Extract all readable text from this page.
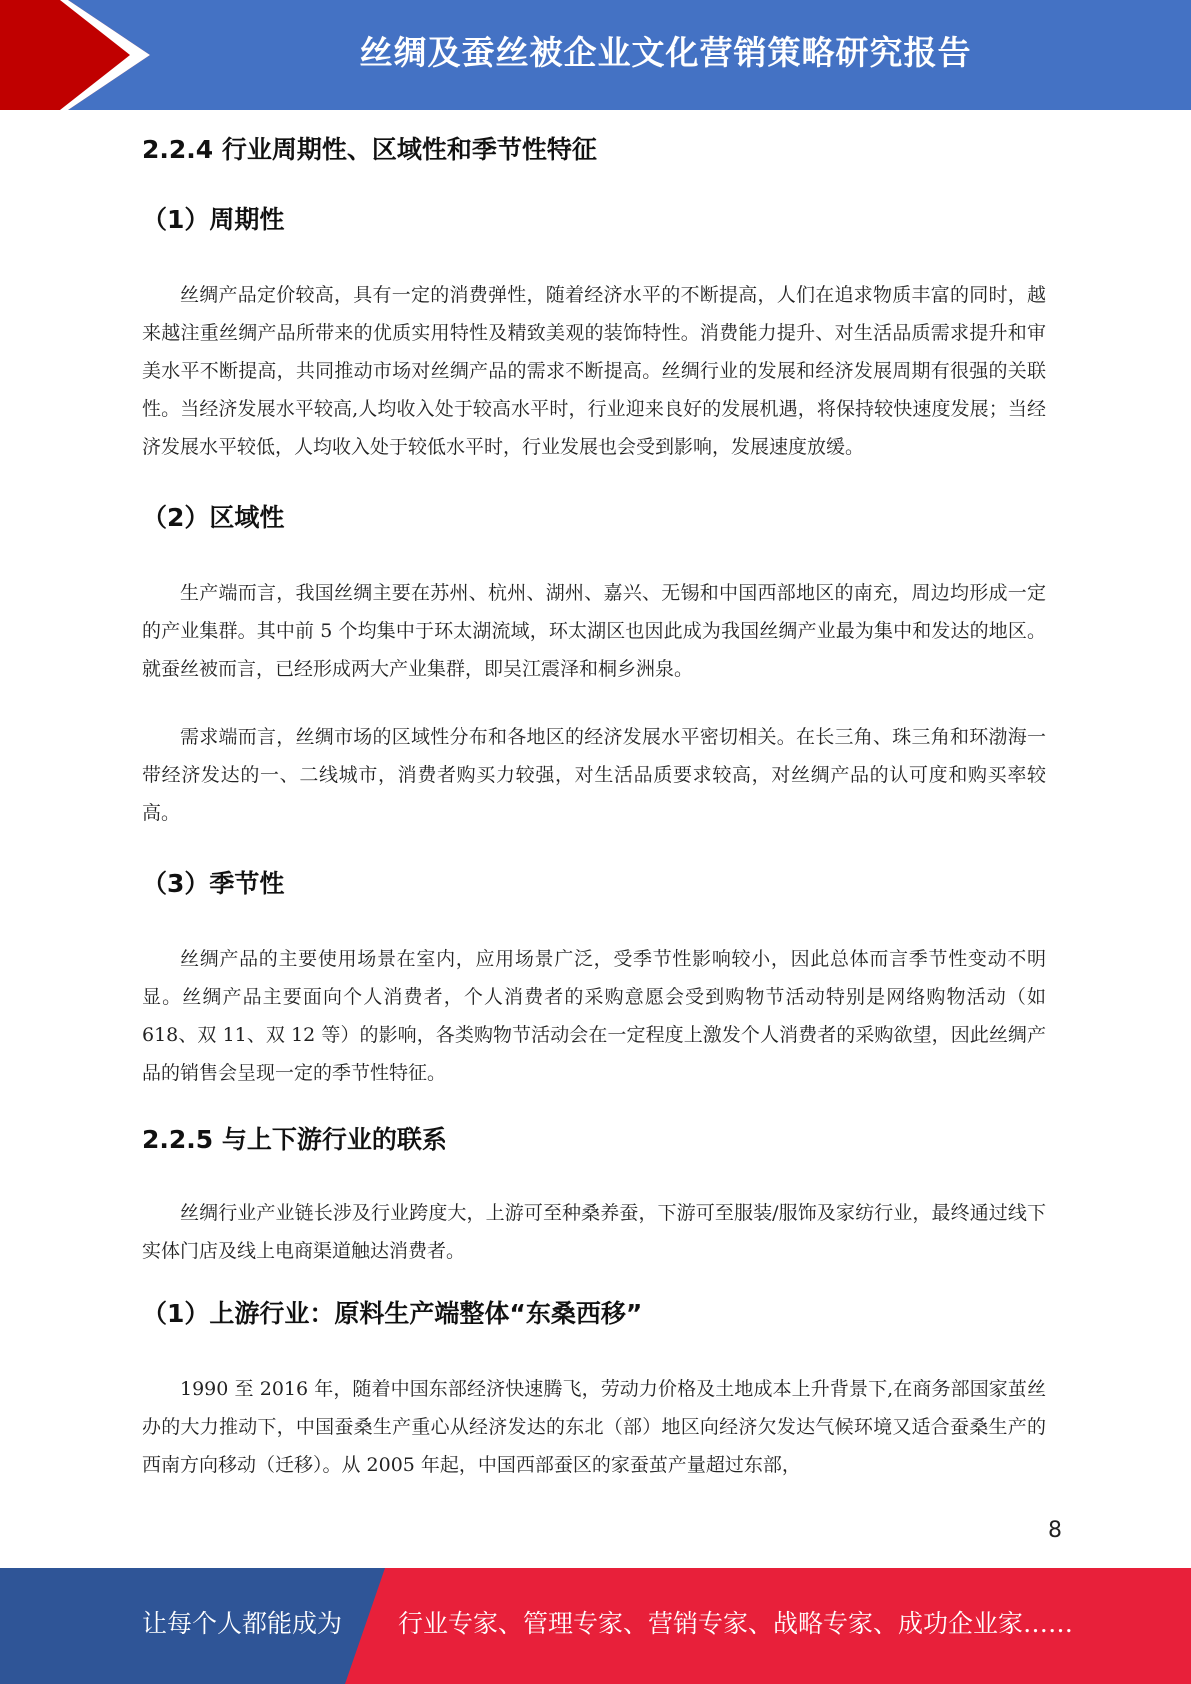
丝绸及蚕丝被企业文化营销策略研究报告
2.2.4 行业周期性、区域性和季节性特征
（1）周期性

丝绸产品定价较高，具有一定的消费弹性，随着经济水平的不断提高，人们在追求物质丰富的同时，越来越注重丝绸产品所带来的优质实用特性及精致美观的装饰特性。消费能力提升、对生活品质需求提升和审美水平不断提高，共同推动市场对丝绸产品的需求不断提高。丝绸行业的发展和经济发展周期有很强的关联性。当经济发展水平较高,人均收入处于较高水平时，行业迎来良好的发展机遇，将保持较快速度发展；当经济发展水平较低，人均收入处于较低水平时，行业发展也会受到影响，发展速度放缓。

（2）区域性

生产端而言，我国丝绸主要在苏州、杭州、湖州、嘉兴、无锡和中国西部地区的南充，周边均形成一定的产业集群。其中前 5 个均集中于环太湖流域，环太湖区也因此成为我国丝绸产业最为集中和发达的地区。就蚕丝被而言，已经形成两大产业集群，即吴江震泽和桐乡洲泉。

需求端而言，丝绸市场的区域性分布和各地区的经济发展水平密切相关。在长三角、珠三角和环渤海一带经济发达的一、二线城市，消费者购买力较强，对生活品质要求较高，对丝绸产品的认可度和购买率较高。

（3）季节性

丝绸产品的主要使用场景在室内，应用场景广泛，受季节性影响较小，因此总体而言季节性变动不明显。丝绸产品主要面向个人消费者，个人消费者的采购意愿会受到购物节活动特别是网络购物活动（如 618、双 11、双 12 等）的影响，各类购物节活动会在一定程度上激发个人消费者的采购欲望，因此丝绸产品的销售会呈现一定的季节性特征。

2.2.5 与上下游行业的联系

丝绸行业产业链长涉及行业跨度大，上游可至种桑养蚕，下游可至服装/服饰及家纺行业，最终通过线下实体门店及线上电商渠道触达消费者。

（1）上游行业：原料生产端整体“东桑西移”

1990 至 2016 年，随着中国东部经济快速腾飞，劳动力价格及土地成本上升背景下,在商务部国家茧丝办的大力推动下，中国蚕桑生产重心从经济发达的东北（部）地区向经济欠发达气候环境又适合蚕桑生产的西南方向移动（迁移）。从 2005 年起，中国西部蚕区的家蚕茧产量超过东部，

8
让每个人都能成为 行业专家、管理专家、营销专家、战略专家、成功企业家……
